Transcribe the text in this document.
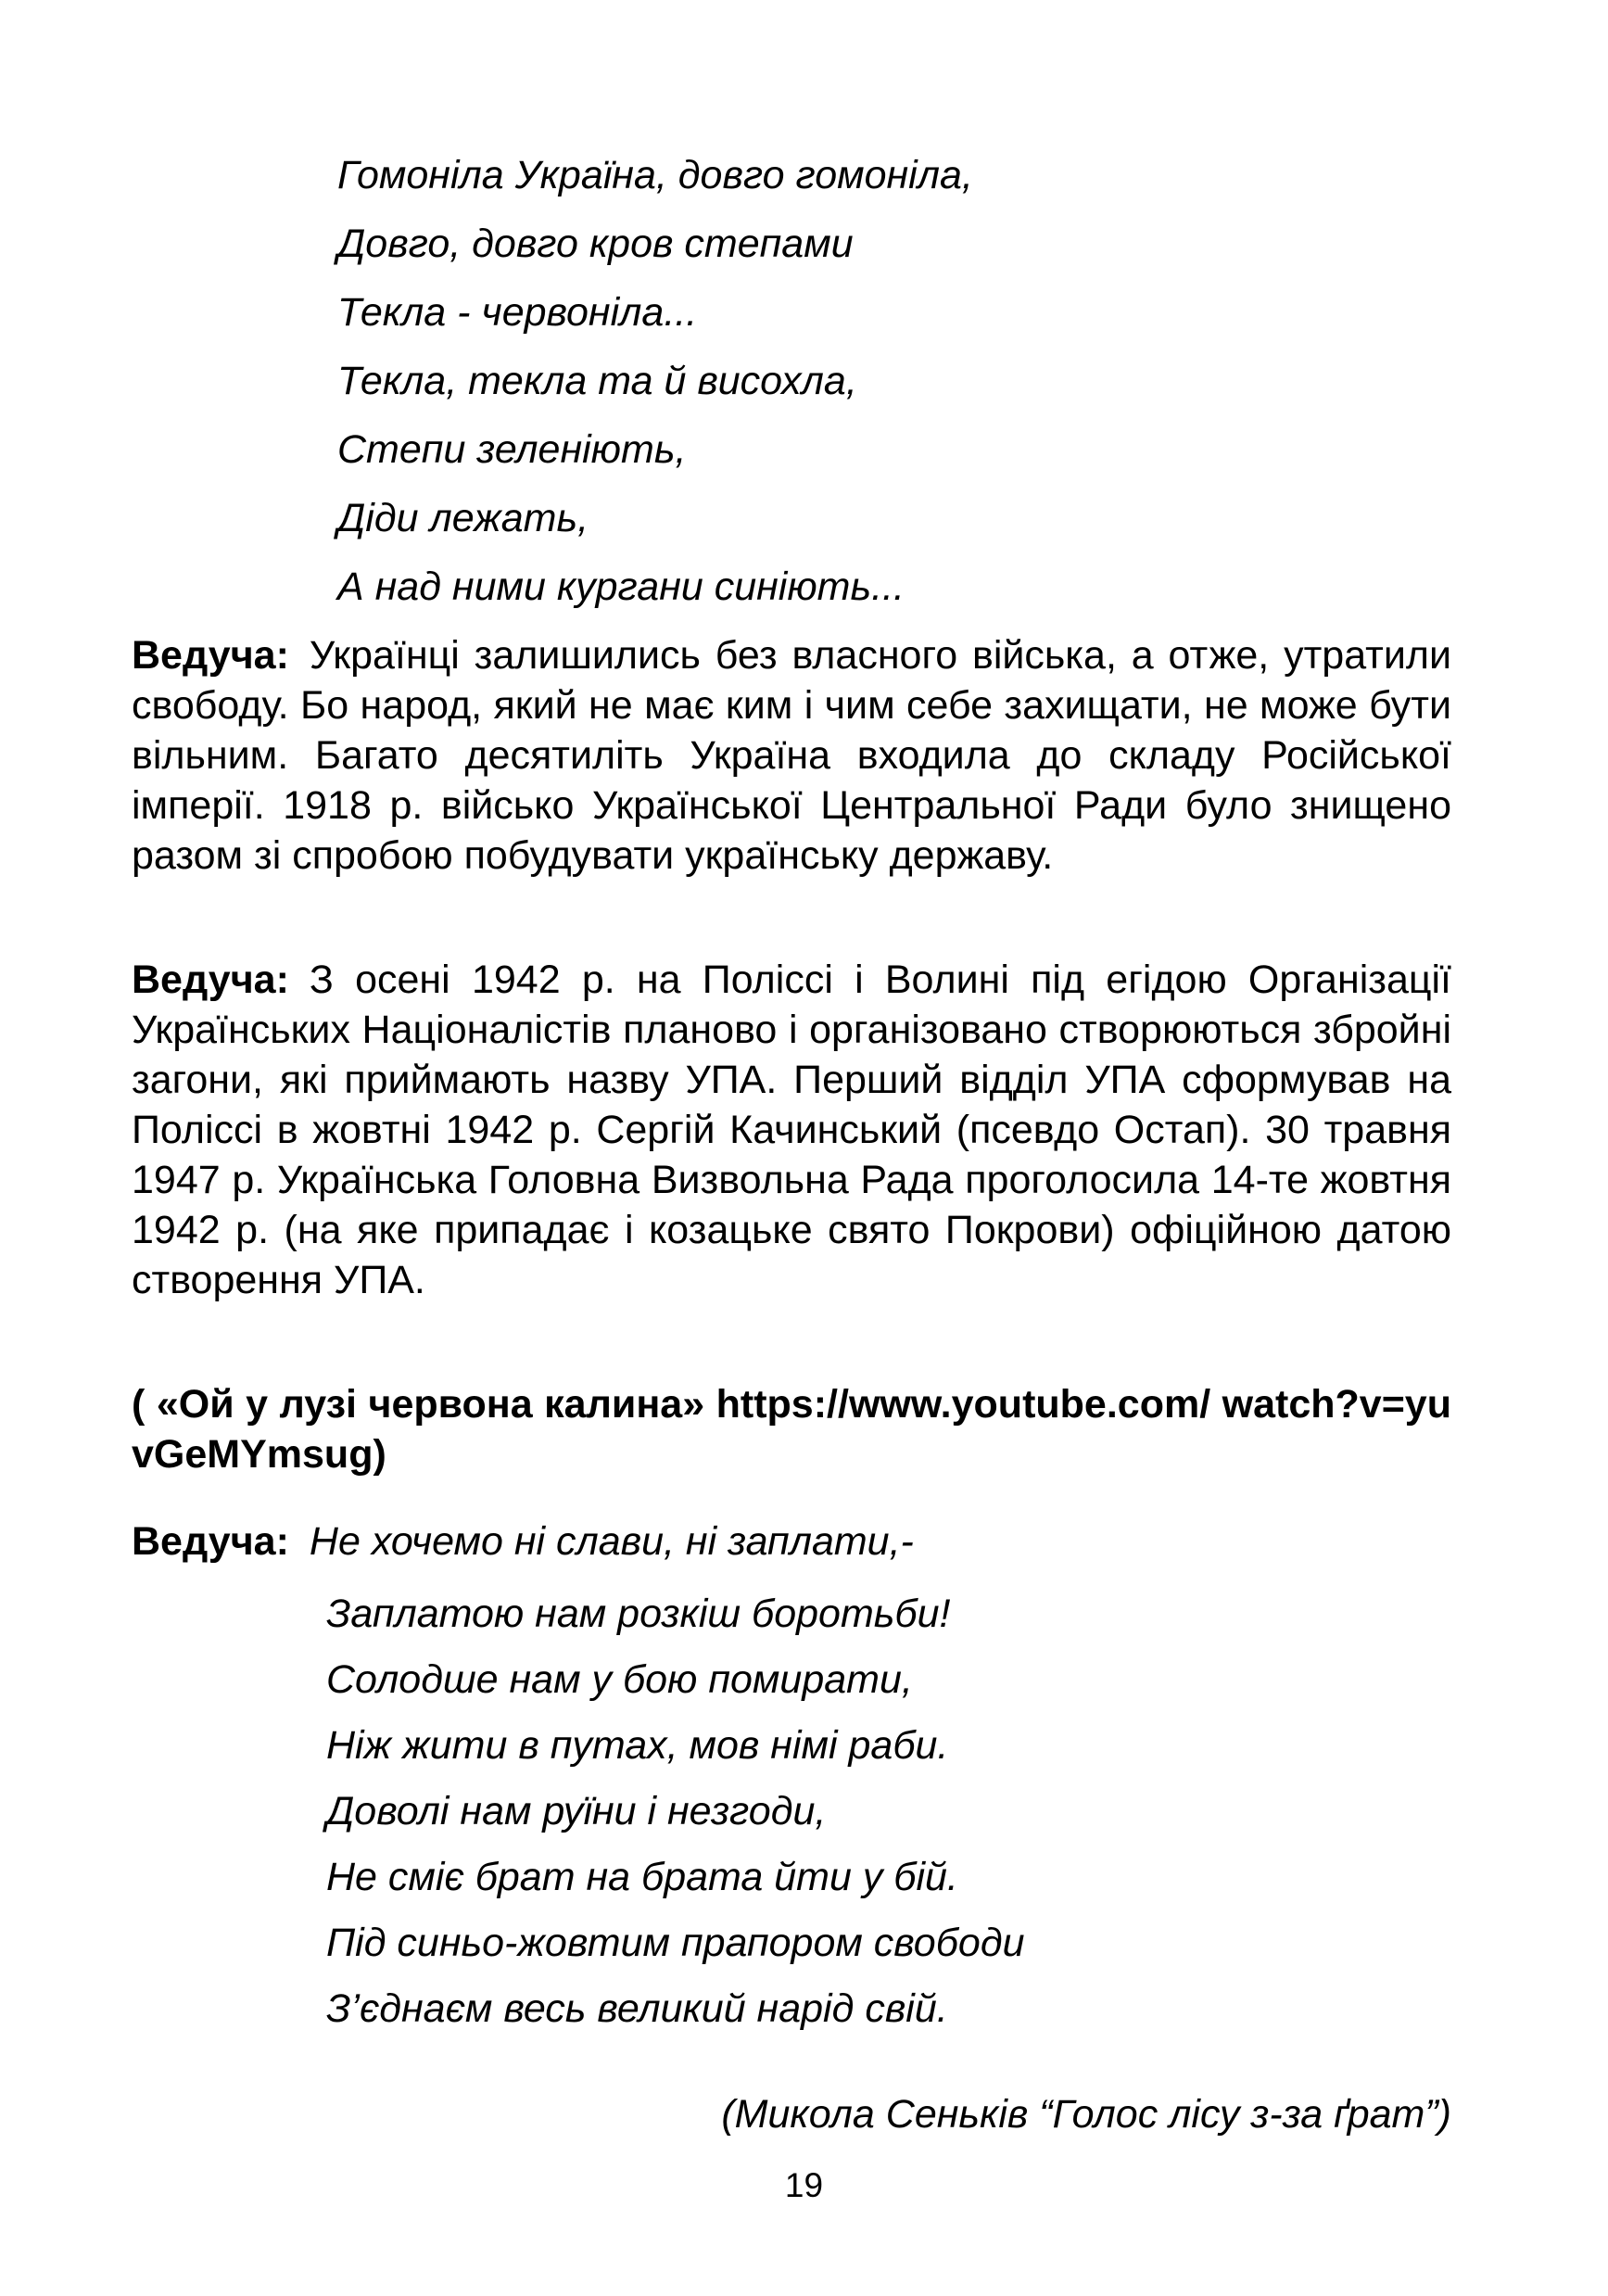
Гомоніла Україна, довго гомоніла,
Довго, довго кров степами
Текла - червоніла...
Текла, текла та й висохла,
Степи зеленіють,
Діди лежать,
А над ними кургани синіють...
Ведуча: Українці залишились без власного війська, а отже, утратили свободу. Бо народ, який не має ким і чим себе захищати, не може бути вільним. Багато десятиліть Україна входила до складу Російської імперії. 1918 р. військо Української Центральної Ради було знищено разом зі спробою побудувати українську державу.
Ведуча: З осені 1942 р. на Поліссі і Волині під егідою Організації Українських Націоналістів планово і організовано створюються збройні загони, які приймають назву УПА. Перший відділ УПА сформував на Поліссі в жовтні 1942 р. Сергій Качинський (псевдо Остап). 30 травня 1947 р. Українська Головна Визвольна Рада проголосила 14-те жовтня 1942 р. (на яке припадає і козацьке свято Покрови) офіційною датою створення УПА.
( «Ой у лузі червона калина» https://www.youtube.com/ watch?v=yuvGeMYmsug)
Ведуча: Не хочемо ні слави, ні заплати,-
Заплатою нам розкіш боротьби!
Солодше нам у бою помирати,
Ніж жити в путах, мов німі раби.
Доволі нам руїни і незгоди,
Не сміє брат на брата йти у бій.
Під синьо-жовтим прапором свободи
З’єднаєм весь великий нарід свій.
(Микола Сеньків “Голос лісу з-за ґрат”)
19
